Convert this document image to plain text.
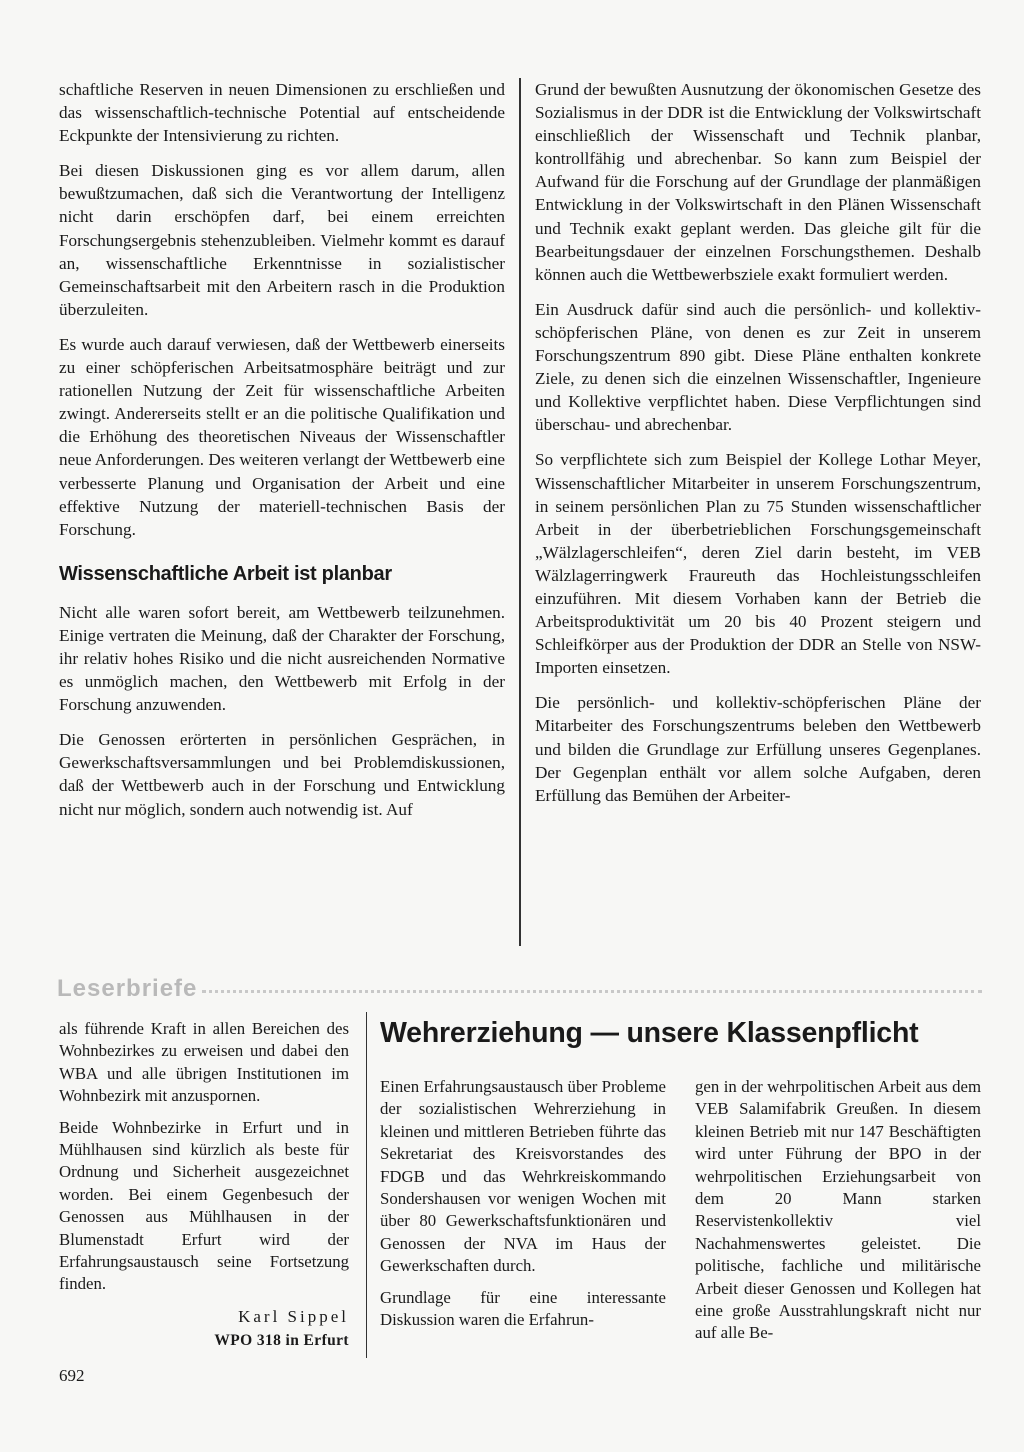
schaftliche Reserven in neuen Dimensionen zu erschließen und das wissenschaftlich-technische Potential auf entscheidende Eckpunkte der Intensivierung zu richten.

Bei diesen Diskussionen ging es vor allem darum, allen bewußtzumachen, daß sich die Verantwortung der Intelligenz nicht darin erschöpfen darf, bei einem erreichten Forschungsergebnis stehenzubleiben. Vielmehr kommt es darauf an, wissenschaftliche Erkenntnisse in sozialistischer Gemeinschaftsarbeit mit den Arbeitern rasch in die Produktion überzuleiten.

Es wurde auch darauf verwiesen, daß der Wettbewerb einerseits zu einer schöpferischen Arbeitsatmosphäre beiträgt und zur rationellen Nutzung der Zeit für wissenschaftliche Arbeiten zwingt. Andererseits stellt er an die politische Qualifikation und die Erhöhung des theoretischen Niveaus der Wissenschaftler neue Anforderungen. Des weiteren verlangt der Wettbewerb eine verbesserte Planung und Organisation der Arbeit und eine effektive Nutzung der materiell-technischen Basis der Forschung.

Wissenschaftliche Arbeit ist planbar

Nicht alle waren sofort bereit, am Wettbewerb teilzunehmen. Einige vertraten die Meinung, daß der Charakter der Forschung, ihr relativ hohes Risiko und die nicht ausreichenden Normative es unmöglich machen, den Wettbewerb mit Erfolg in der Forschung anzuwenden.

Die Genossen erörterten in persönlichen Gesprächen, in Gewerkschaftsversammlungen und bei Problemdiskussionen, daß der Wettbewerb auch in der Forschung und Entwicklung nicht nur möglich, sondern auch notwendig ist. Auf

Grund der bewußten Ausnutzung der ökonomischen Gesetze des Sozialismus in der DDR ist die Entwicklung der Volkswirtschaft einschließlich der Wissenschaft und Technik planbar, kontrollfähig und abrechenbar. So kann zum Beispiel der Aufwand für die Forschung auf der Grundlage der planmäßigen Entwicklung in der Volkswirtschaft in den Plänen Wissenschaft und Technik exakt geplant werden. Das gleiche gilt für die Bearbeitungsdauer der einzelnen Forschungsthemen. Deshalb können auch die Wettbewerbsziele exakt formuliert werden.

Ein Ausdruck dafür sind auch die persönlich- und kollektiv-schöpferischen Pläne, von denen es zur Zeit in unserem Forschungszentrum 890 gibt. Diese Pläne enthalten konkrete Ziele, zu denen sich die einzelnen Wissenschaftler, Ingenieure und Kollektive verpflichtet haben. Diese Verpflichtungen sind überschau- und abrechenbar.

So verpflichtete sich zum Beispiel der Kollege Lothar Meyer, Wissenschaftlicher Mitarbeiter in unserem Forschungszentrum, in seinem persönlichen Plan zu 75 Stunden wissenschaftlicher Arbeit in der überbetrieblichen Forschungsgemeinschaft „Wälzlagerschleifen“, deren Ziel darin besteht, im VEB Wälzlagerringwerk Fraureuth das Hochleistungsschleifen einzuführen. Mit diesem Vorhaben kann der Betrieb die Arbeitsproduktivität um 20 bis 40 Prozent steigern und Schleifkörper aus der Produktion der DDR an Stelle von NSW-Importen einsetzen.

Die persönlich- und kollektiv-schöpferischen Pläne der Mitarbeiter des Forschungszentrums beleben den Wettbewerb und bilden die Grundlage zur Erfüllung unseres Gegenplanes. Der Gegenplan enthält vor allem solche Aufgaben, deren Erfüllung das Bemühen der Arbeiter-

Leserbriefe

als führende Kraft in allen Bereichen des Wohnbezirkes zu erweisen und dabei den WBA und alle übrigen Institutionen im Wohnbezirk mit anzuspornen.

Beide Wohnbezirke in Erfurt und in Mühlhausen sind kürzlich als beste für Ordnung und Sicherheit ausgezeichnet worden. Bei einem Gegenbesuch der Genossen aus Mühlhausen in der Blumenstadt Erfurt wird der Erfahrungsaustausch seine Fortsetzung finden.

Karl Sippel
WPO 318 in Erfurt
Wehrerziehung — unsere Klassenpflicht

Einen Erfahrungsaustausch über Probleme der sozialistischen Wehrerziehung in kleinen und mittleren Betrieben führte das Sekretariat des Kreisvorstandes des FDGB und das Wehrkreiskommando Sondershausen vor wenigen Wochen mit über 80 Gewerkschaftsfunktionären und Genossen der NVA im Haus der Gewerkschaften durch.

Grundlage für eine interessante Diskussion waren die Erfahrun-

gen in der wehrpolitischen Arbeit aus dem VEB Salamifabrik Greußen. In diesem kleinen Betrieb mit nur 147 Beschäftigten wird unter Führung der BPO in der wehrpolitischen Erziehungsarbeit von dem 20 Mann starken Reservistenkollektiv viel Nachahmenswertes geleistet. Die politische, fachliche und militärische Arbeit dieser Genossen und Kollegen hat eine große Ausstrahlungskraft nicht nur auf alle Be-

692
